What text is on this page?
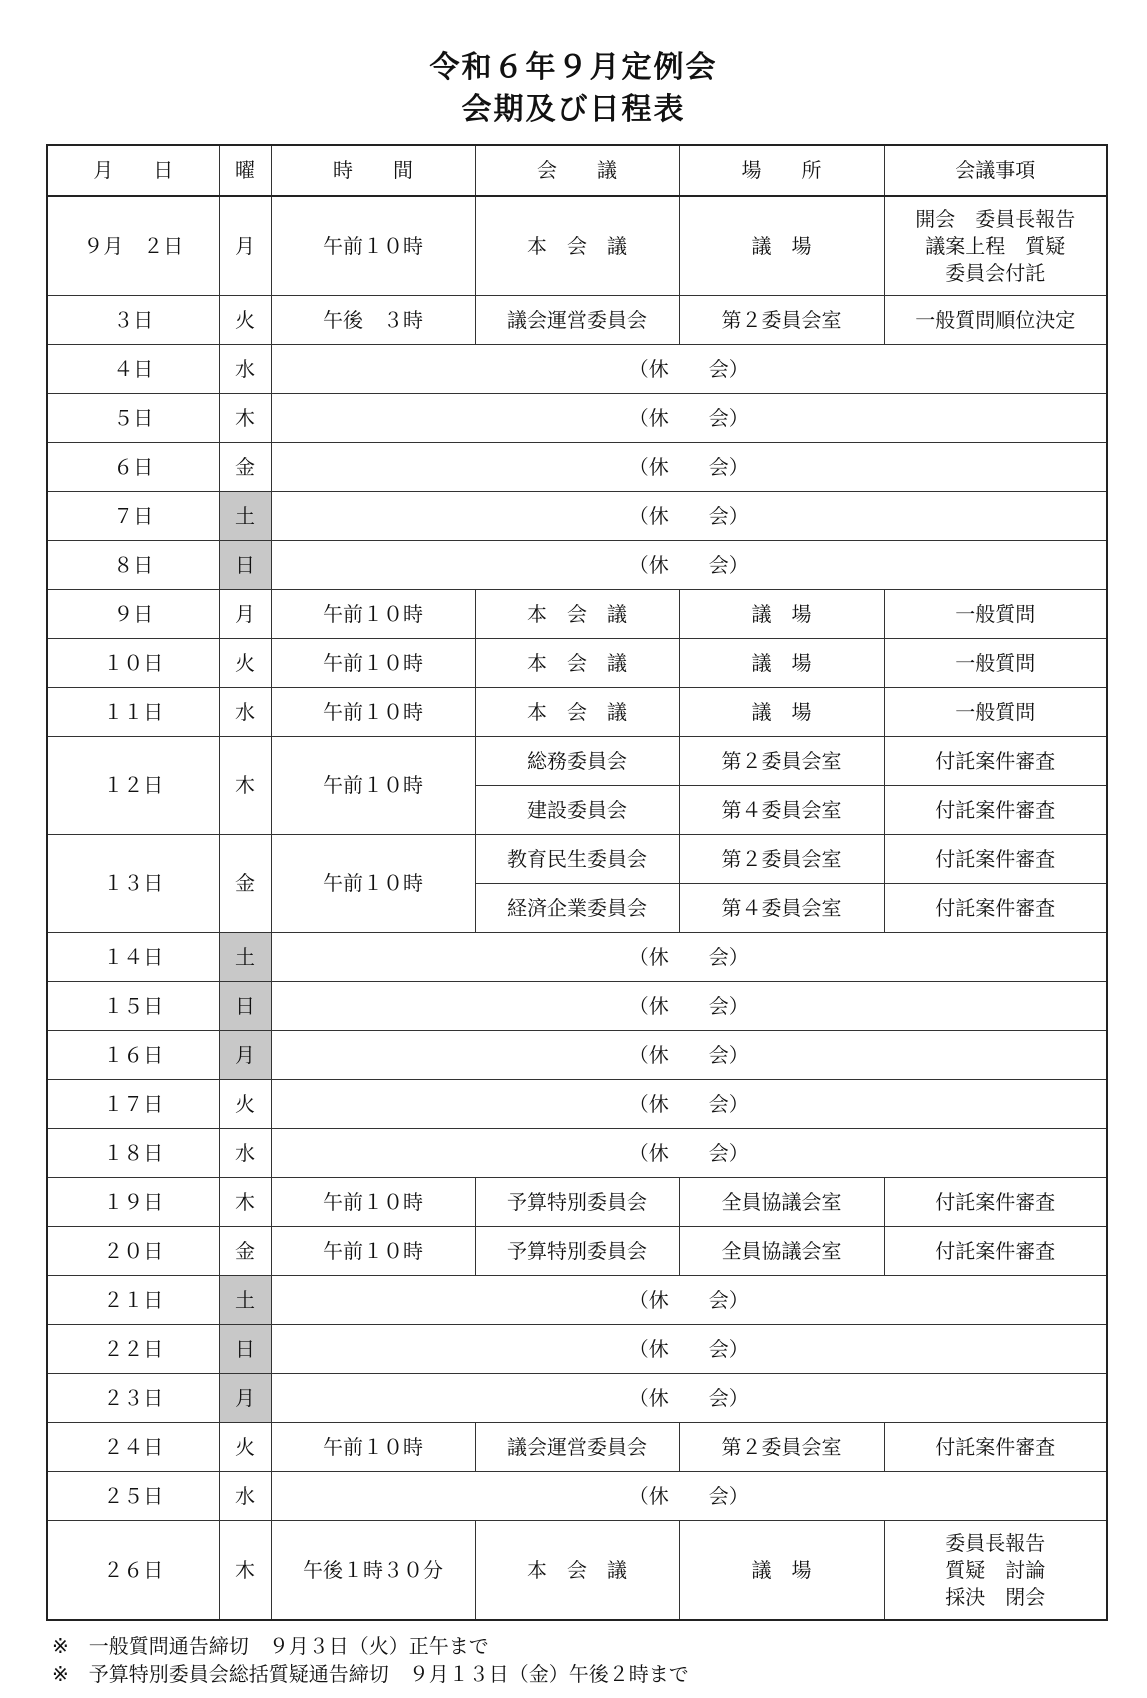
令和６年９月定例会
会期及び日程表
月　　日	曜	時　　間	会　　議	場　　所	会議事項
９月　２日	月	午前１０時	本　会　議	議　場	開会　委員長報告
議案上程　質疑
委員会付託
３日	火	午後　３時	議会運営委員会	第２委員会室	一般質問順位決定
４日	水	（休　　会）			
５日	木	（休　　会）			
６日	金	（休　　会）			
７日	土	（休　　会）			
８日	日	（休　　会）			
９日	月	午前１０時	本　会　議	議　場	一般質問
１０日	火	午前１０時	本　会　議	議　場	一般質問
１１日	水	午前１０時	本　会　議	議　場	一般質問
１２日	木	午前１０時	総務委員会	第２委員会室	付託案件審査
			建設委員会	第４委員会室	付託案件審査
１３日	金	午前１０時	教育民生委員会	第２委員会室	付託案件審査
			経済企業委員会	第４委員会室	付託案件審査
１４日	土	（休　　会）			
１５日	日	（休　　会）			
１６日	月	（休　　会）			
１７日	火	（休　　会）			
１８日	水	（休　　会）			
１９日	木	午前１０時	予算特別委員会	全員協議会室	付託案件審査
２０日	金	午前１０時	予算特別委員会	全員協議会室	付託案件審査
２１日	土	（休　　会）			
２２日	日	（休　　会）			
２３日	月	（休　　会）			
２４日	火	午前１０時	議会運営委員会	第２委員会室	付託案件審査
２５日	水	（休　　会）			
２６日	木	午後１時３０分	本　会　議	議　場	委員長報告
質疑　討論
採決　閉会
※　一般質問通告締切　９月３日（火）正午まで
※　予算特別委員会総括質疑通告締切　９月１３日（金）午後２時まで
